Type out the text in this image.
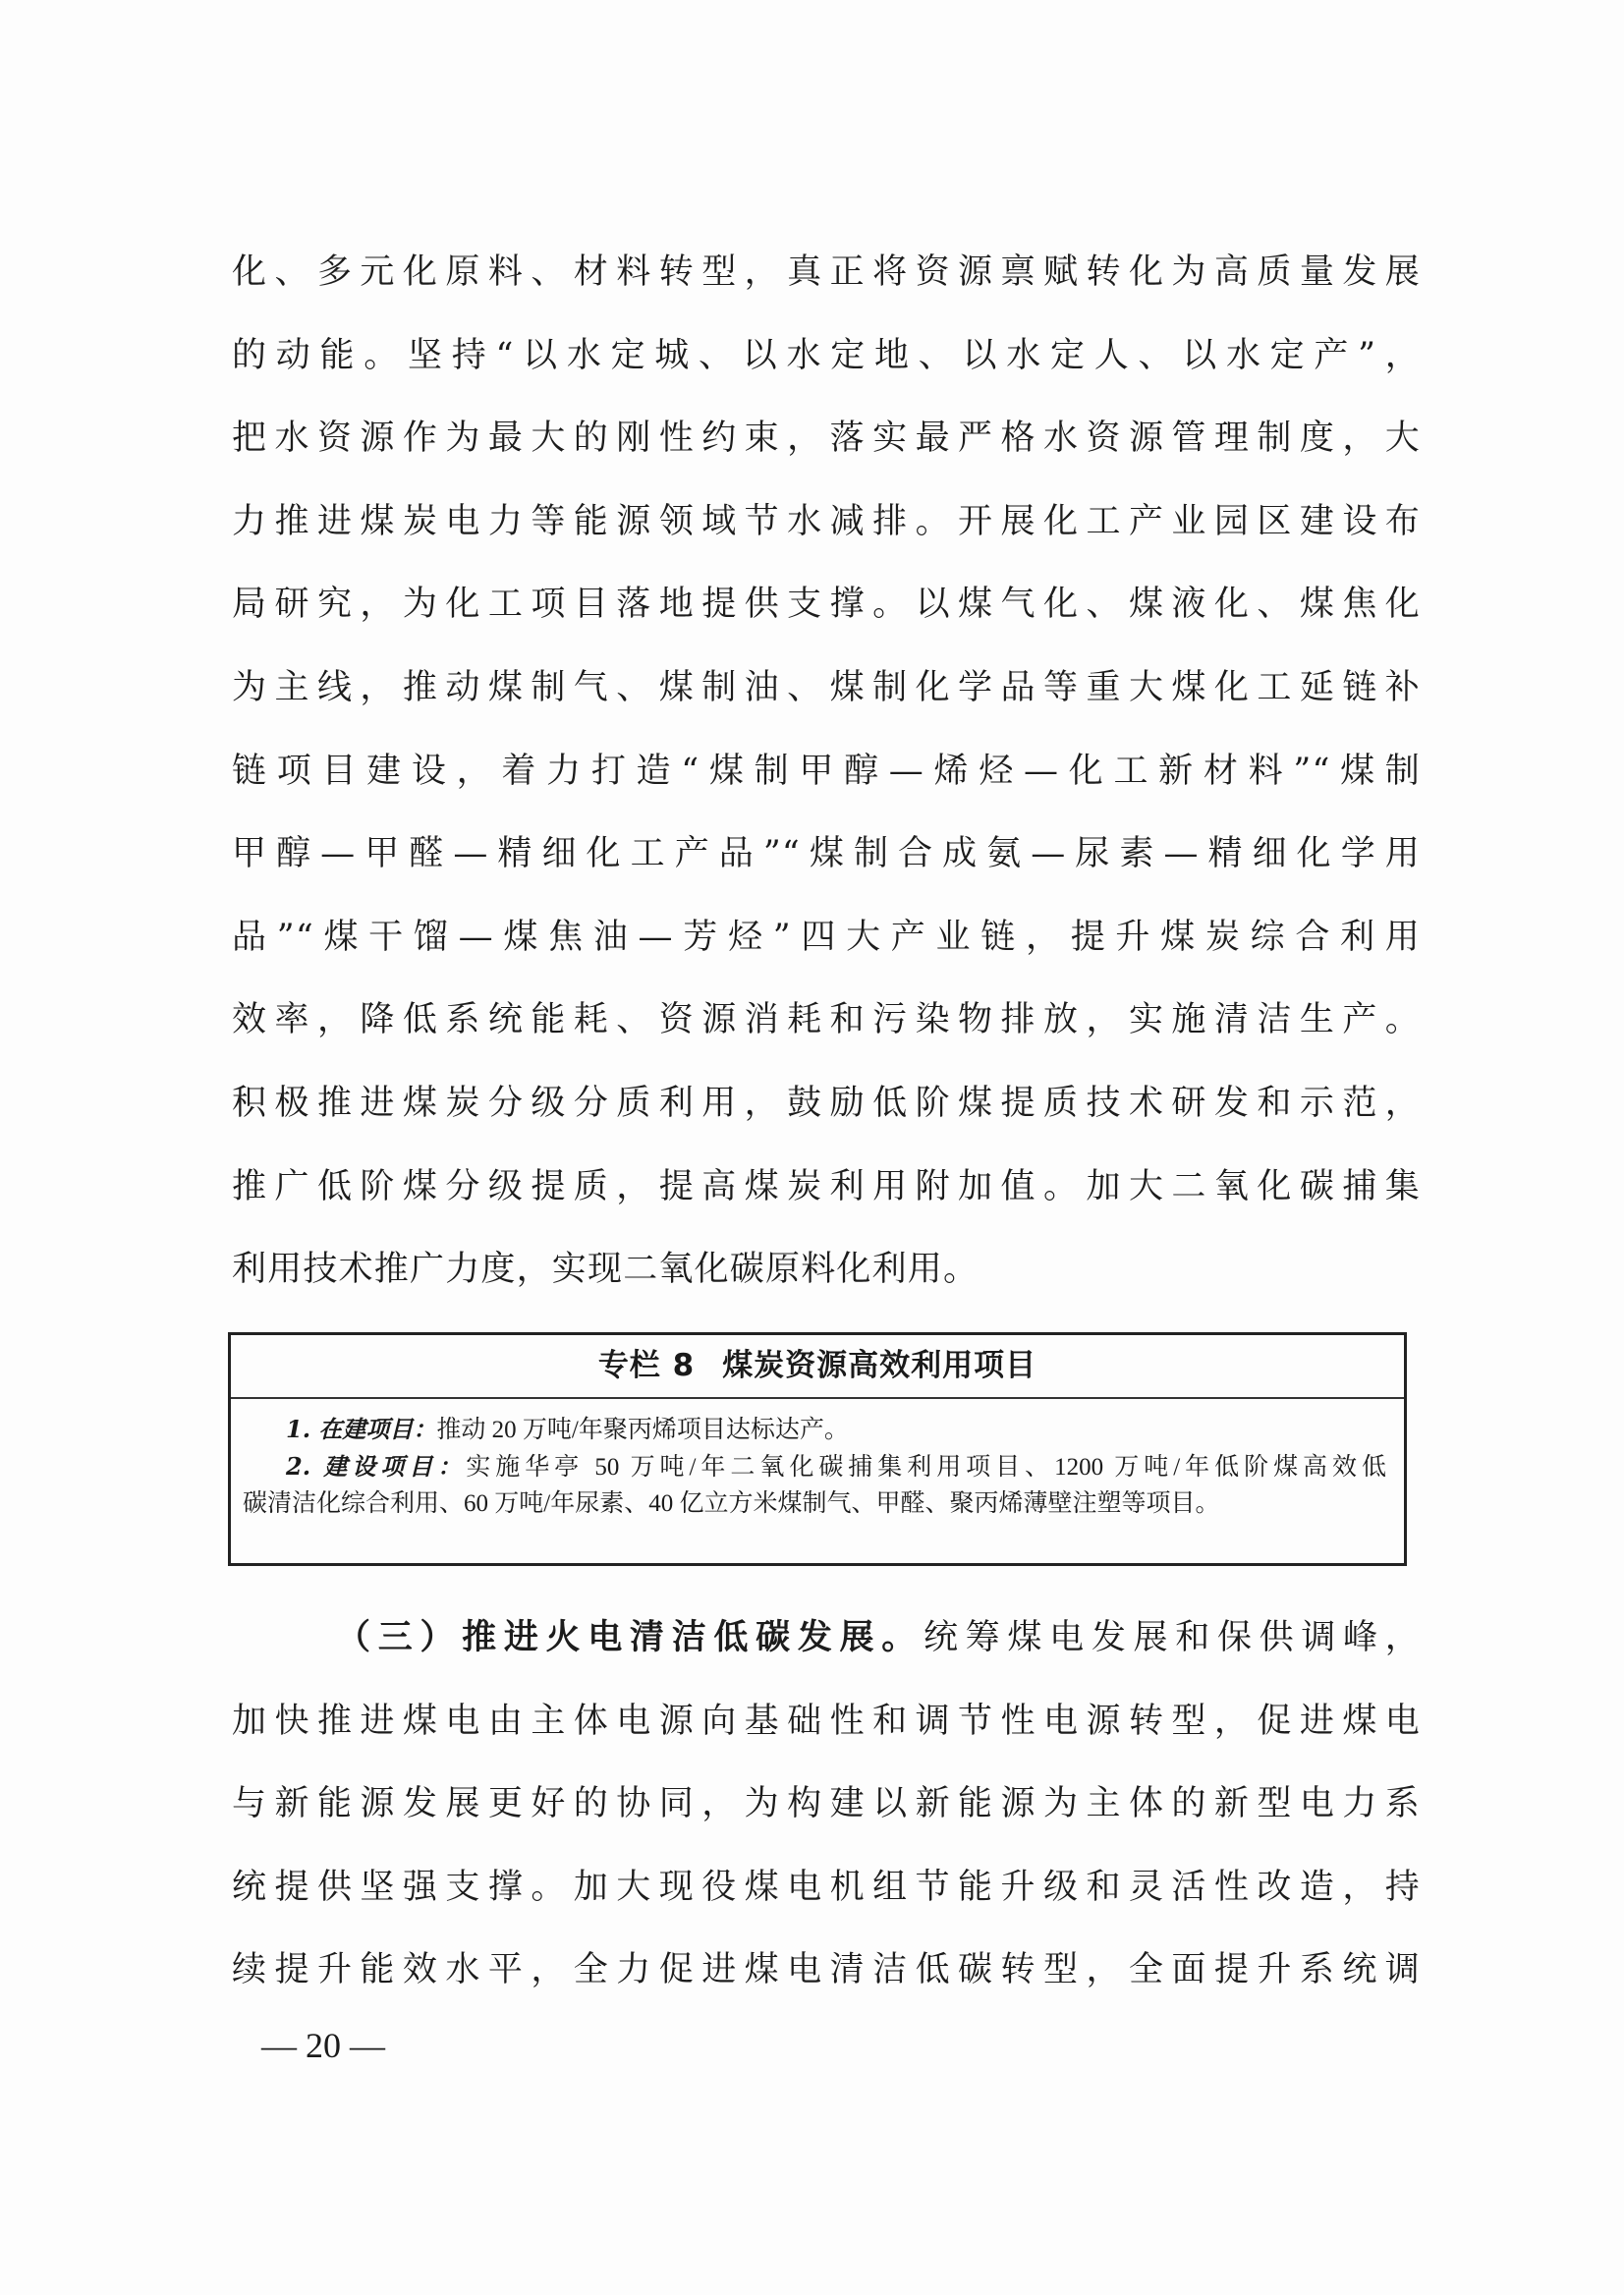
化、多元化原料、材料转型，真正将资源禀赋转化为高质量发展
的动能。坚持“以水定城、以水定地、以水定人、以水定产”，
把水资源作为最大的刚性约束，落实最严格水资源管理制度，大
力推进煤炭电力等能源领域节水减排。开展化工产业园区建设布
局研究，为化工项目落地提供支撑。以煤气化、煤液化、煤焦化
为主线，推动煤制气、煤制油、煤制化学品等重大煤化工延链补
链项目建设，着力打造“煤制甲醇—烯烃—化工新材料”“煤制
甲醇—甲醛—精细化工产品”“煤制合成氨—尿素—精细化学用
品”“煤干馏—煤焦油—芳烃”四大产业链，提升煤炭综合利用
效率，降低系统能耗、资源消耗和污染物排放，实施清洁生产。
积极推进煤炭分级分质利用，鼓励低阶煤提质技术研发和示范，
推广低阶煤分级提质，提高煤炭利用附加值。加大二氧化碳捕集
利用技术推广力度，实现二氧化碳原料化利用。
专栏 8 煤炭资源高效利用项目
1. 在建项目：推动 20 万吨/年聚丙烯项目达标达产。
2. 建设项目：实施华亭 50 万吨/年二氧化碳捕集利用项目、1200 万吨/年低阶煤高效低
碳清洁化综合利用、60 万吨/年尿素、40 亿立方米煤制气、甲醛、聚丙烯薄壁注塑等项目。
（三）推进火电清洁低碳发展。统筹煤电发展和保供调峰，
加快推进煤电由主体电源向基础性和调节性电源转型，促进煤电
与新能源发展更好的协同，为构建以新能源为主体的新型电力系
统提供坚强支撑。加大现役煤电机组节能升级和灵活性改造，持
续提升能效水平，全力促进煤电清洁低碳转型，全面提升系统调
— 20 —
